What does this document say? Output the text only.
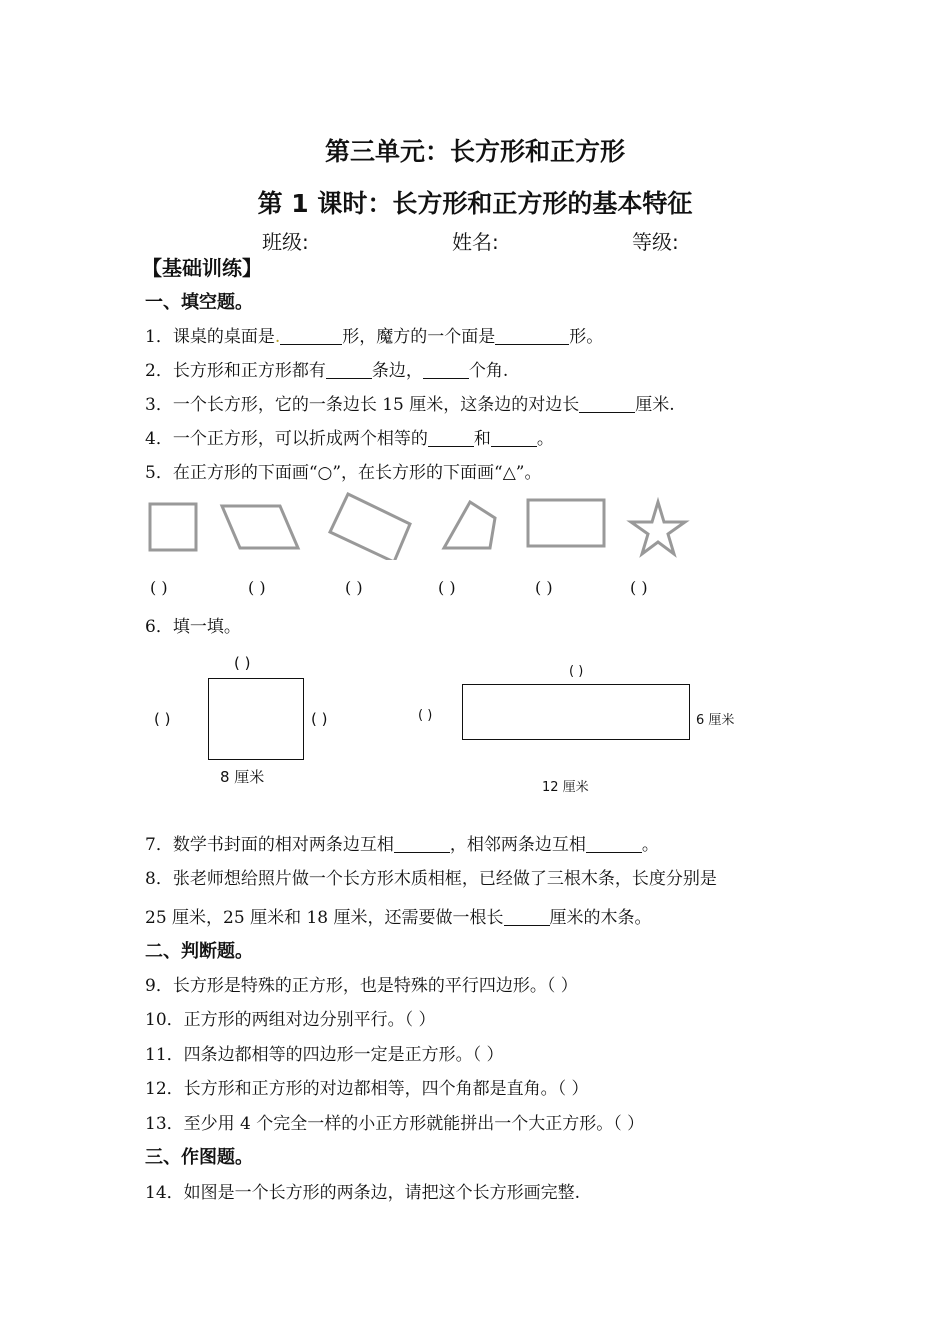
第三单元：长方形和正方形
第 1 课时：长方形和正方形的基本特征
班级:	姓名:	等级:
【基础训练】
一、填空题。
1．课桌的桌面是.	形，魔方的一个面是	形。
2．长方形和正方形都有	条边，	个角.
3．一个长方形，它的一条边长 15 厘米，这条边的对边长	厘米.
4．一个正方形，可以折成两个相等的	和	。
5．在正方形的下面画“○”，在长方形的下面画“△”。
( )	( )	( )	( )	( )	( )
6．填一填。
( )
( )	( )
8 厘米
( )
( )	6 厘米
12 厘米
7．数学书封面的相对两条边互相	，相邻两条边互相	。
8．张老师想给照片做一个长方形木质相框，已经做了三根木条，长度分别是
25 厘米，25 厘米和 18 厘米，还需要做一根长	厘米的木条。
二、判断题。
9．长方形是特殊的正方形，也是特殊的平行四边形。（ ）
10．正方形的两组对边分别平行。（ ）
11．四条边都相等的四边形一定是正方形。（ ）
12．长方形和正方形的对边都相等，四个角都是直角。（ ）
13．至少用 4 个完全一样的小正方形就能拼出一个大正方形。（ ）
三、作图题。
14．如图是一个长方形的两条边，请把这个长方形画完整.
